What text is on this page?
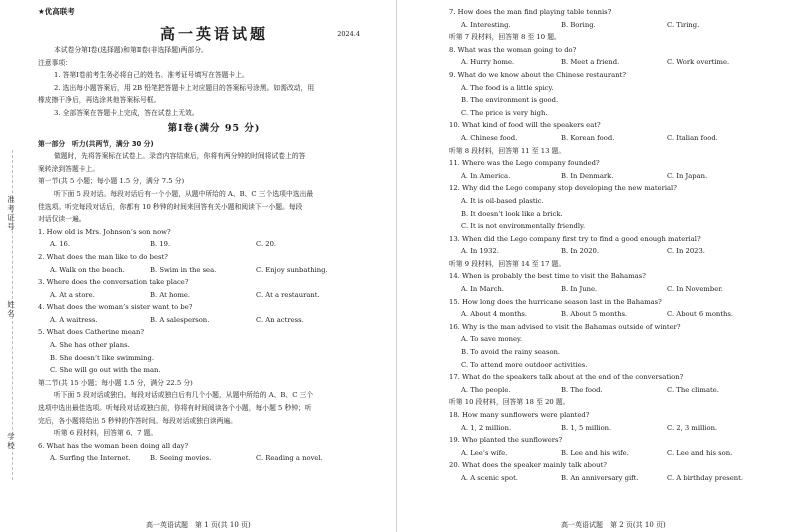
准考证号
姓名
学校
★优高联考
高一英语试题	2024.4
本试卷分第Ⅰ卷(选择题)和第Ⅱ卷(非选择题)两部分。
注意事项：
1. 答第Ⅰ卷前考生务必将自己的姓名、准考证号填写在答题卡上。
2. 选出每小题答案后，用 2B 铅笔把答题卡上对应题目的答案标号涂黑。如需改动，用
橡皮擦干净后，再选涂其他答案标号框。
3. 全部答案在答题卡上完成，答在试卷上无效。
第Ⅰ卷(满分 95 分)
第一部分　听力(共两节，满分 30 分)
做题时，先将答案标在试卷上。录音内容结束后，你将有两分钟的时间将试卷上的答
案转涂到答题卡上。
第一节(共 5 小题；每小题 1.5 分，满分 7.5 分)
听下面 5 段对话。每段对话后有一个小题，从题中所给的 A、B、C 三个选项中选出最
佳选项。听完每段对话后，你都有 10 秒钟的时间来回答有关小题和阅读下一小题。每段
对话仅读一遍。
1. How old is Mrs. Johnson’s son now?
A. 16.	B. 19.	C. 20.
2. What does the man like to do best?
A. Walk on the beach.	B. Swim in the sea.	C. Enjoy sunbathing.
3. Where does the conversation take place?
A. At a store.	B. At home.	C. At a restaurant.
4. What does the woman’s sister want to be?
A. A waitress.	B. A salesperson.	C. An actress.
5. What does Catherine mean?
A. She has other plans.
B. She doesn’t like swimming.
C. She will go out with the man.
第二节(共 15 小题；每小题 1.5 分，满分 22.5 分)
听下面 5 段对话或独白。每段对话或独白后有几个小题，从题中所给的 A、B、C 三个
选项中选出最佳选项。听每段对话或独白前，你将有时间阅读各个小题，每小题 5 秒钟；听
完后，各小题将给出 5 秒钟的作答时间。每段对话或独白读两遍。
听第 6 段材料，回答第 6、7 题。
6. What has the woman been doing all day?
A. Surfing the Internet.	B. Seeing movies.	C. Reading a novel.
高一英语试题　第 1 页(共 10 页)
7. How does the man find playing table tennis?
A. Interesting.	B. Boring.	C. Tiring.
听第 7 段材料，回答第 8 至 10 题。
8. What was the woman going to do?
A. Hurry home.	B. Meet a friend.	C. Work overtime.
9. What do we know about the Chinese restaurant?
A. The food is a little spicy.
B. The environment is good.
C. The price is very high.
10. What kind of food will the speakers eat?
A. Chinese food.	B. Korean food.	C. Italian food.
听第 8 段材料，回答第 11 至 13 题。
11. Where was the Lego company founded?
A. In America.	B. In Denmark.	C. In Japan.
12. Why did the Lego company stop developing the new material?
A. It is oil-based plastic.
B. It doesn’t look like a brick.
C. It is not environmentally friendly.
13. When did the Lego company first try to find a good enough material?
A. In 1932.	B. In 2020.	C. In 2023.
听第 9 段材料，回答第 14 至 17 题。
14. When is probably the best time to visit the Bahamas?
A. In March.	B. In June.	C. In November.
15. How long does the hurricane season last in the Bahamas?
A. About 4 months.	B. About 5 months.	C. About 6 months.
16. Why is the man advised to visit the Bahamas outside of winter?
A. To save money.
B. To avoid the rainy season.
C. To attend more outdoor activities.
17. What do the speakers talk about at the end of the conversation?
A. The people.	B. The food.	C. The climate.
听第 10 段材料，回答第 18 至 20 题。
18. How many sunflowers were planted?
A. 1, 2 million.	B. 1, 5 million.	C. 2, 3 million.
19. Who planted the sunflowers?
A. Lee’s wife.	B. Lee and his wife.	C. Lee and his son.
20. What does the speaker mainly talk about?
A. A scenic spot.	B. An anniversary gift.	C. A birthday present.
高一英语试题　第 2 页(共 10 页)
